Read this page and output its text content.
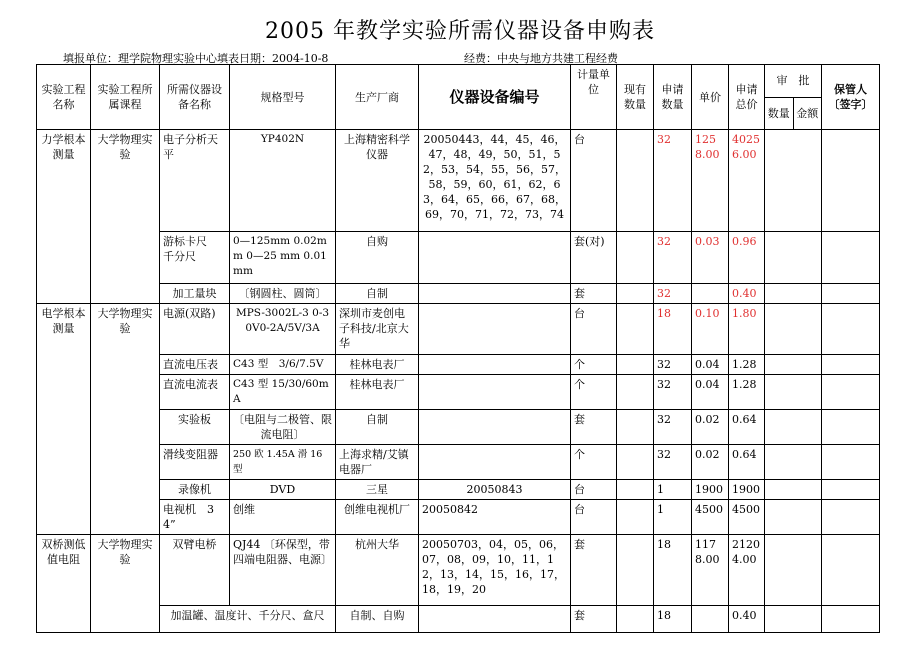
2005 年教学实验所需仪器设备申购表
填报单位：理学院物理实验中心填表日期：2004-10-8	经费：中央与地方共建工程经费
实验工程名称	实验工程所属课程	所需仪器设备名称	规格型号	生产厂商	仪器设备编号	计量单位	现有数量	申请数量	单价	申请总价	
审　批
数量	金额

保管人
〔签字〕

力学根本测量	大学物理实验	电子分析天平	YP402N	上海精密科学仪器	20050443，44，45，46，47，48，49，50，51，52，53，54，55，56，57，58，59，60，61，62，63，64，65，66，67，68，69，70，71，72，73，74	台		32	1258.00	40256.00		
游标卡尺　千分尺	0—125mm 0.02mm 0—25 mm 0.01mm	自购		套(对)		32	0.03	0.96		
加工量块	〔钢圆柱、圆筒〕	自制		套		32		0.40		
电学根本测量	大学物理实验	电源(双路)	MPS-3002L-3 0-30V0-2A/5V/3A	深圳市麦创电子科技/北京大华		台		18	0.10	1.80		
直流电压表	C43 型　3/6/7.5V	桂林电表厂		个		32	0.04	1.28		
直流电流表	C43 型 15/30/60mA	桂林电表厂		个		32	0.04	1.28		
实验板	〔电阻与二极管、限流电阻〕	自制		套		32	0.02	0.64		
滑线变阻器	250 欧 1.45A 滑 16 型	上海求精/艾镇电器厂		个		32	0.02	0.64		
录像机	DVD	三星	20050843	台		1	1900	1900		
电视机　34”	创维	创维电视机厂	20050842	台		1	4500	4500		
双桥测低值电阻	大学物理实验	双臂电桥	QJ44 〔环保型，带四端电阻器、电源〕	杭州大华	20050703，04，05，06，07，08，09，10，11，12，13，14，15，16，17，18，19，20	套		18	1178.00	21204.00		
加温罐、温度计、千分尺、盒尺	自制、自购		套		18		0.40		
